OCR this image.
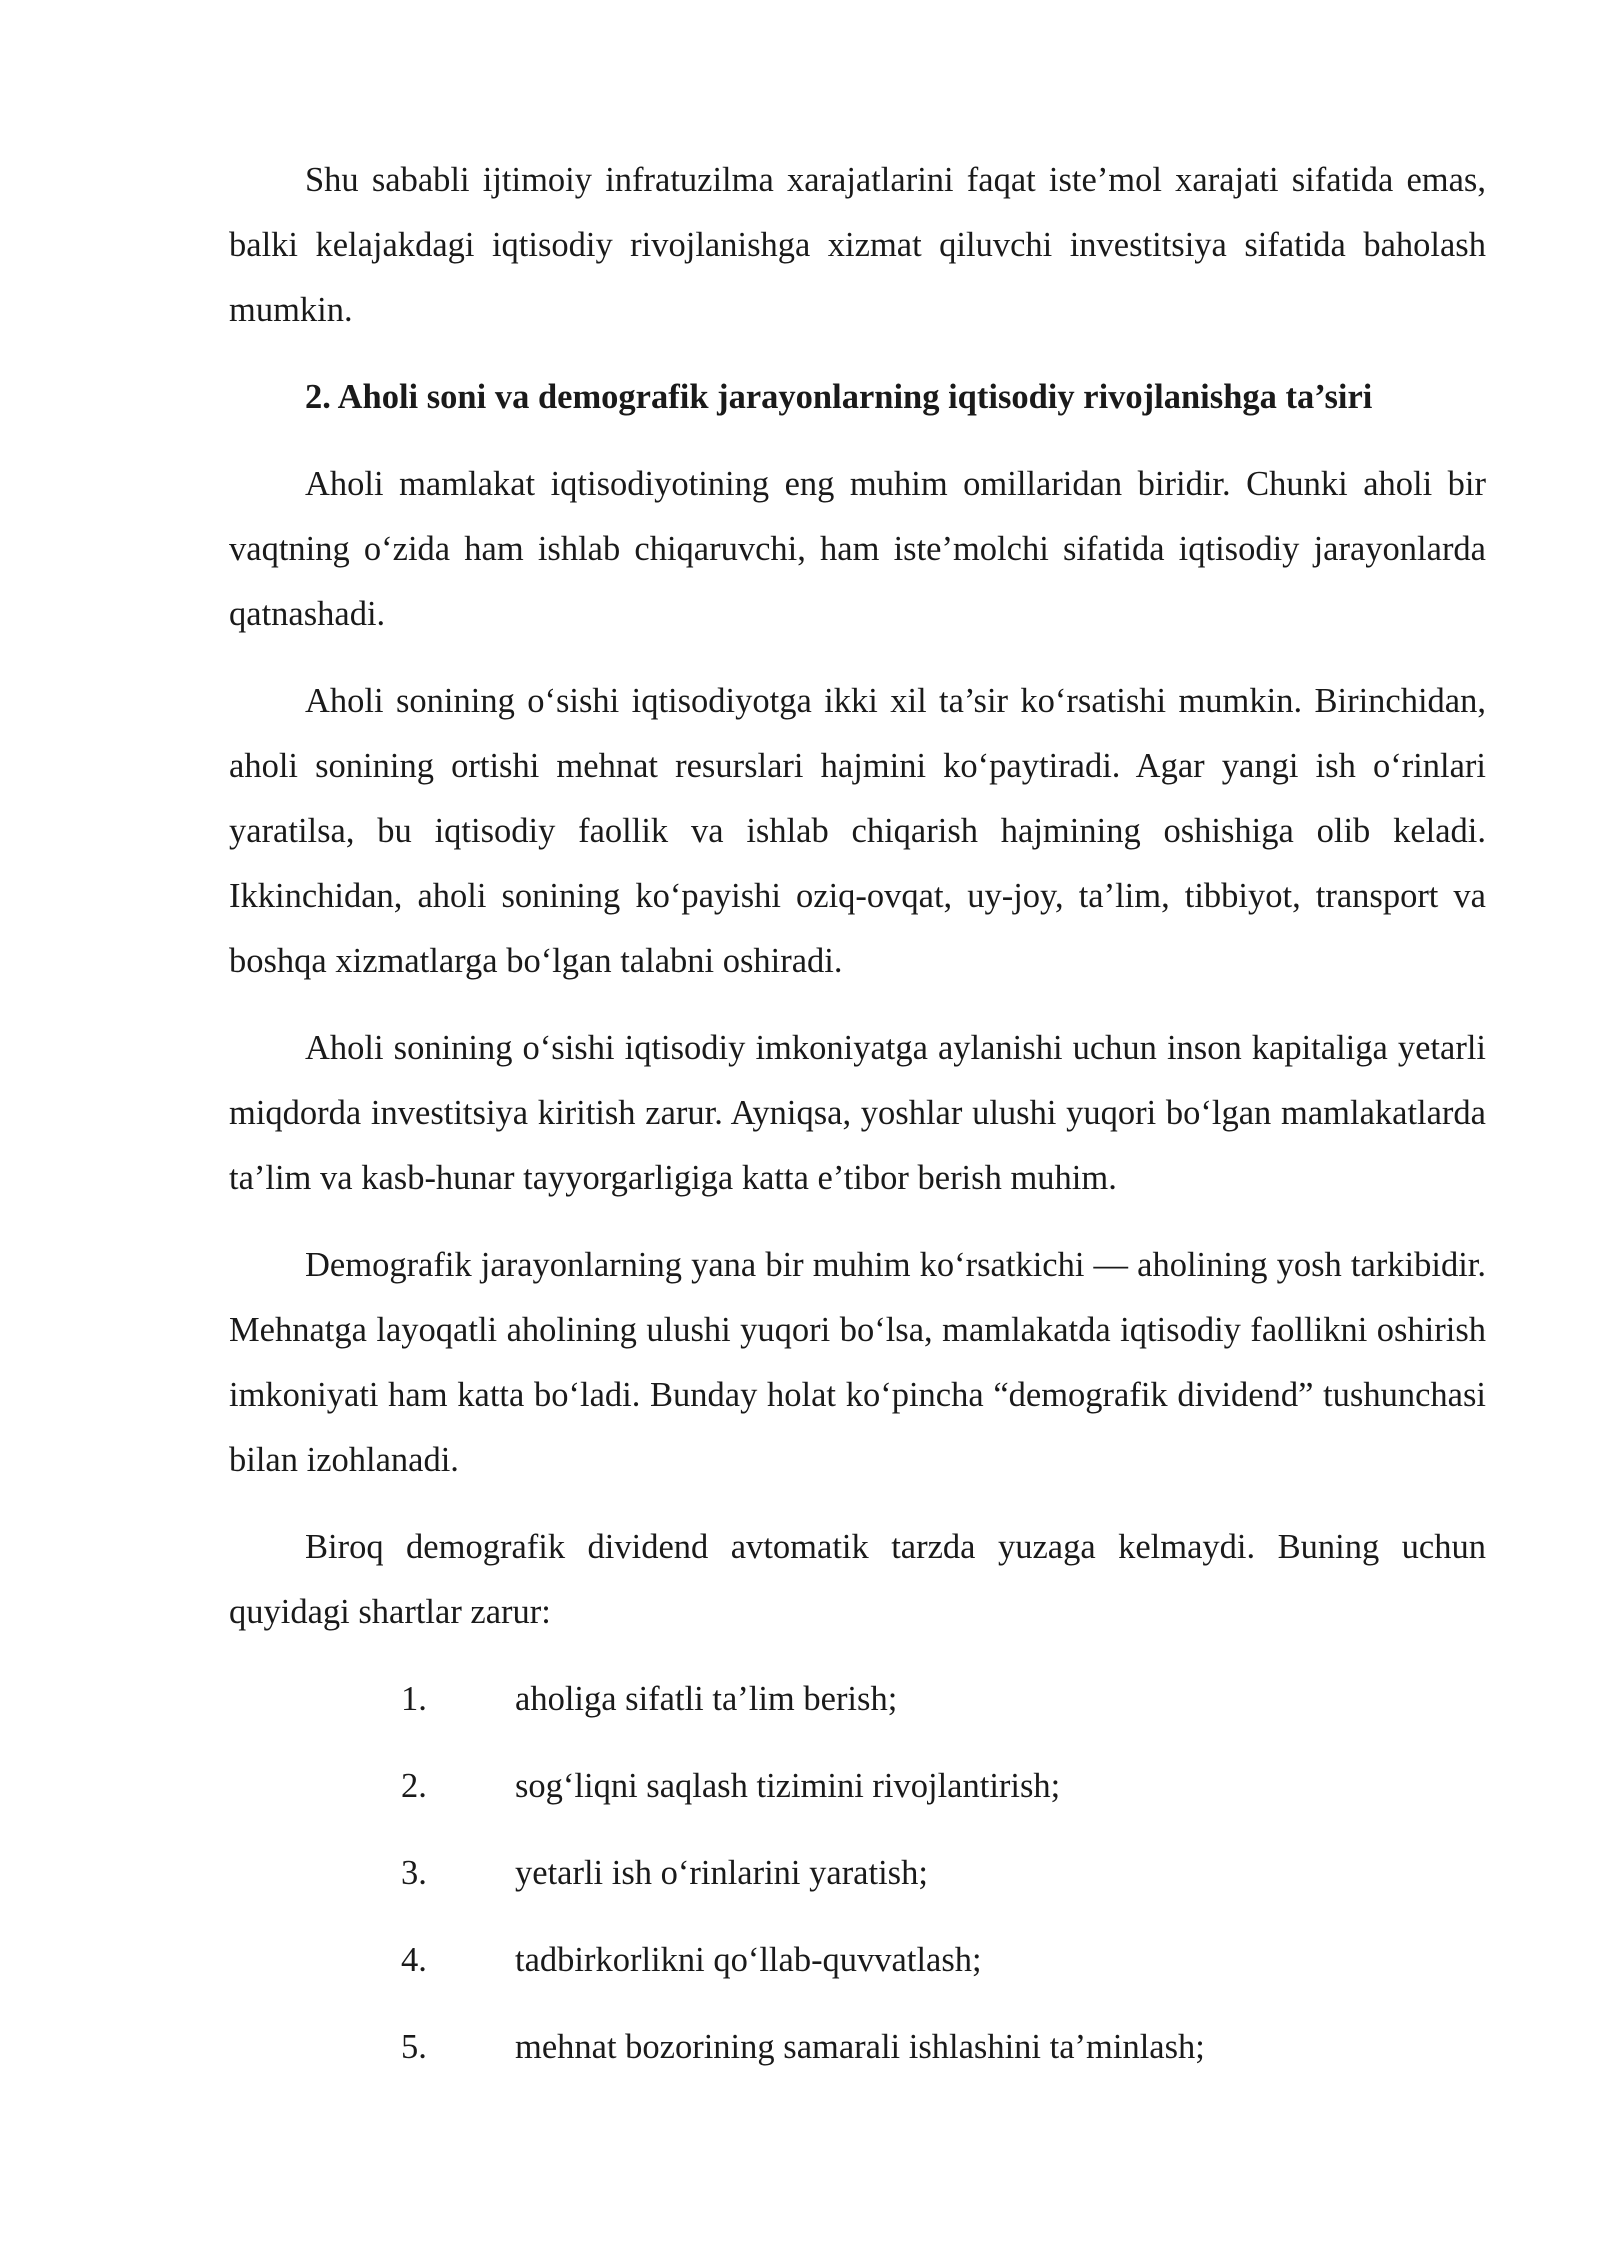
Shu sababli ijtimoiy infratuzilma xarajatlarini faqat iste’mol xarajati sifatida emas, balki kelajakdagi iqtisodiy rivojlanishga xizmat qiluvchi investitsiya sifatida baholash mumkin.

2. Aholi soni va demografik jarayonlarning iqtisodiy rivojlanishga ta’siri

Aholi mamlakat iqtisodiyotining eng muhim omillaridan biridir. Chunki aholi bir vaqtning o‘zida ham ishlab chiqaruvchi, ham iste’molchi sifatida iqtisodiy jarayonlarda qatnashadi.

Aholi sonining o‘sishi iqtisodiyotga ikki xil ta’sir ko‘rsatishi mumkin. Birinchidan, aholi sonining ortishi mehnat resurslari hajmini ko‘paytiradi. Agar yangi ish o‘rinlari yaratilsa, bu iqtisodiy faollik va ishlab chiqarish hajmining oshishiga olib keladi. Ikkinchidan, aholi sonining ko‘payishi oziq-ovqat, uy-joy, ta’lim, tibbiyot, transport va boshqa xizmatlarga bo‘lgan talabni oshiradi.

Aholi sonining o‘sishi iqtisodiy imkoniyatga aylanishi uchun inson kapitaliga yetarli miqdorda investitsiya kiritish zarur. Ayniqsa, yoshlar ulushi yuqori bo‘lgan mamlakatlarda ta’lim va kasb-hunar tayyorgarligiga katta e’tibor berish muhim.

Demografik jarayonlarning yana bir muhim ko‘rsatkichi — aholining yosh tarkibidir. Mehnatga layoqatli aholining ulushi yuqori bo‘lsa, mamlakatda iqtisodiy faollikni oshirish imkoniyati ham katta bo‘ladi. Bunday holat ko‘pincha “demografik dividend” tushunchasi bilan izohlanadi.

Biroq demografik dividend avtomatik tarzda yuzaga kelmaydi. Buning uchun quyidagi shartlar zarur:

1.	aholiga sifatli ta’lim berish;
2.	sog‘liqni saqlash tizimini rivojlantirish;
3.	yetarli ish o‘rinlarini yaratish;
4.	tadbirkorlikni qo‘llab-quvvatlash;
5.	mehnat bozorining samarali ishlashini ta’minlash;
